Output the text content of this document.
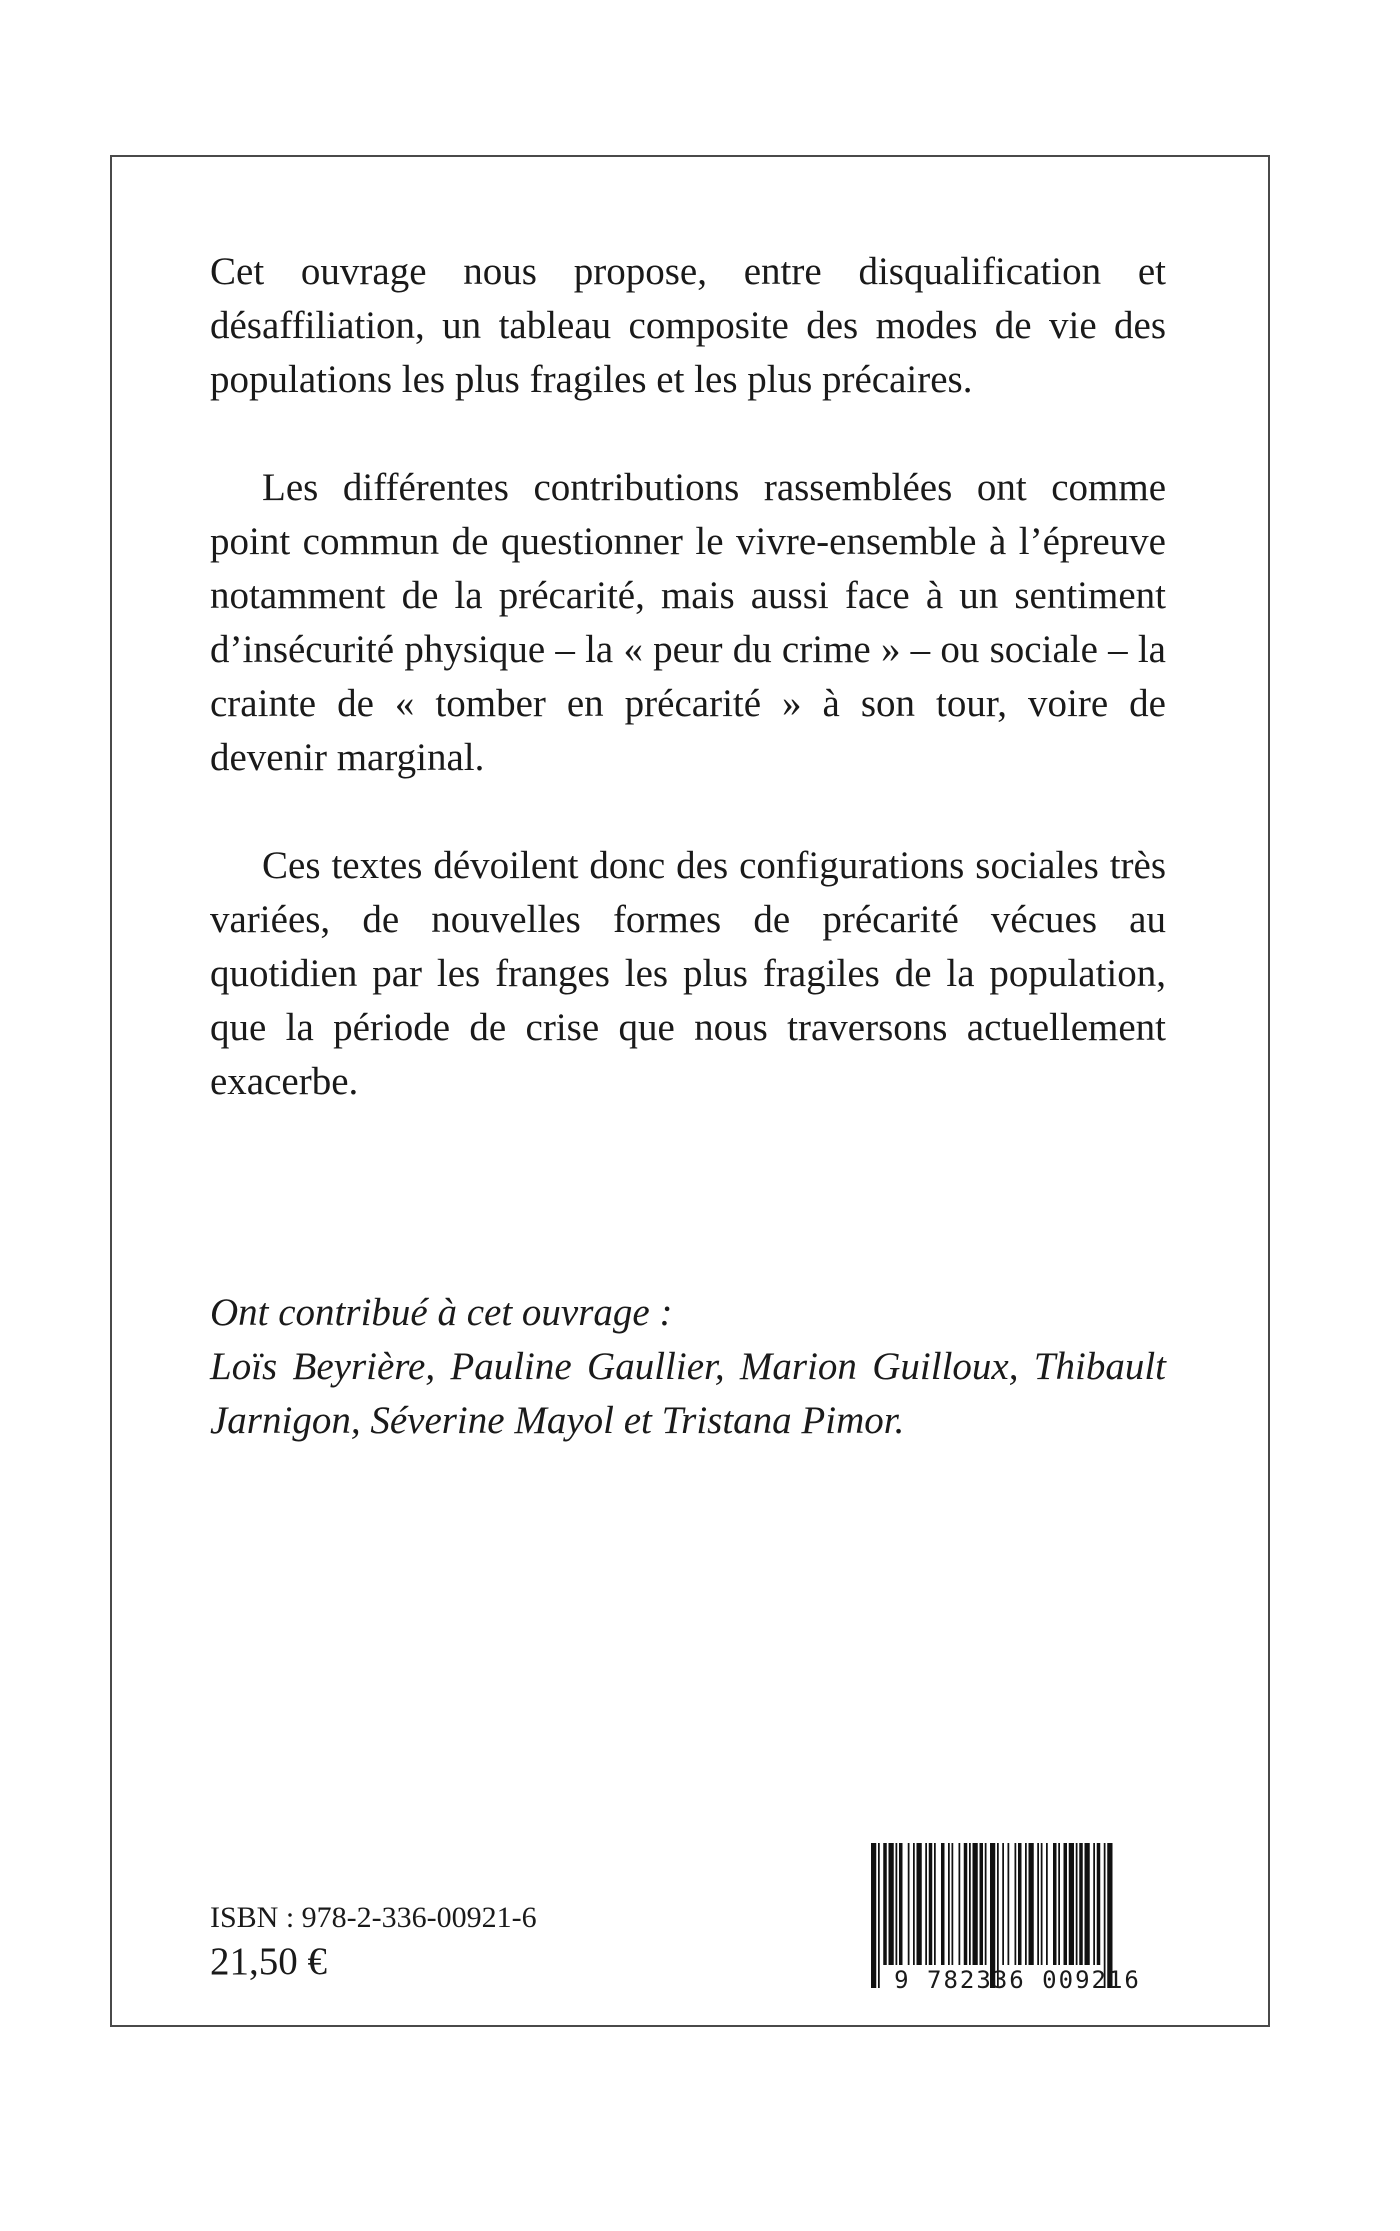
Cet ouvrage nous propose, entre disqualification et désaffiliation, un tableau composite des modes de vie des populations les plus fragiles et les plus précaires.

Les différentes contributions rassemblées ont comme point commun de questionner le vivre-ensemble à l’épreuve notamment de la précarité, mais aussi face à un sentiment d’insécurité physique – la « peur du crime » – ou sociale – la crainte de « tomber en précarité » à son tour, voire de devenir marginal.

Ces textes dévoilent donc des configurations sociales très variées, de nouvelles formes de précarité vécues au quotidien par les franges les plus fragiles de la population, que la période de crise que nous traversons actuellement exacerbe.

Ont contribué à cet ouvrage :

Loïs Beyrière, Pauline Gaullier, Marion Guilloux, Thibault Jarnigon, Séverine Mayol et Tristana Pimor.

ISBN : 978-2-336-00921-6
21,50 €	9 782336 009216
